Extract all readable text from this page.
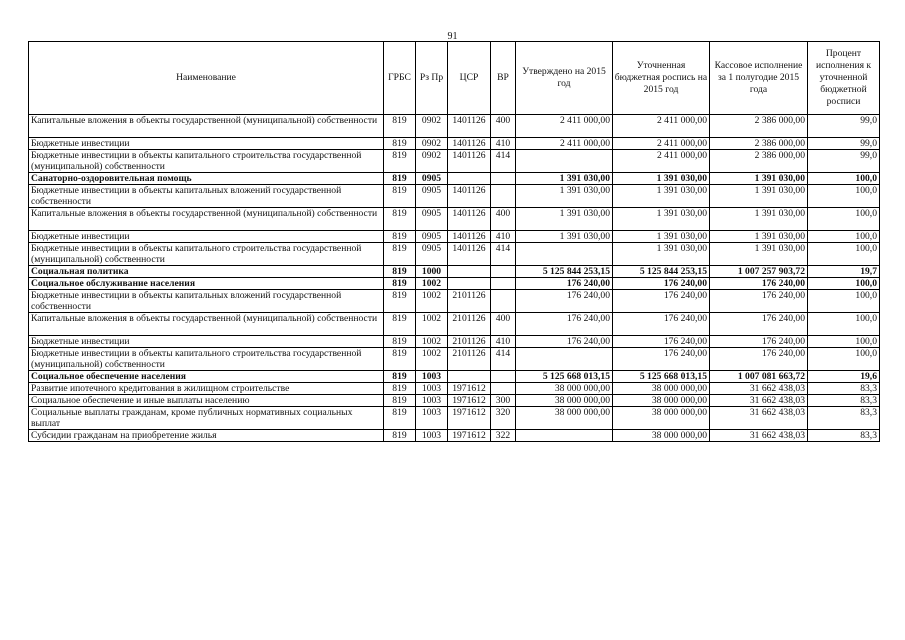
91
Наименование	ГРБС	Рз Пр	ЦСР	ВР	Утверждено на 2015 год	Уточненная бюджетная роспись на 2015 год	Кассовое исполнение за 1 полугодие 2015 года	Процент исполнения к уточненной бюджетной росписи
Капитальные вложения в объекты государственной (муниципальной) собственности	819	0902	1401126	400	2 411 000,00	2 411 000,00	2 386 000,00	99,0
Бюджетные инвестиции	819	0902	1401126	410	2 411 000,00	2 411 000,00	2 386 000,00	99,0
Бюджетные инвестиции в объекты капитального строительства государственной (муниципальной) собственности	819	0902	1401126	414		2 411 000,00	2 386 000,00	99,0
Санаторно-оздоровительная помощь	819	0905			1 391 030,00	1 391 030,00	1 391 030,00	100,0
Бюджетные инвестиции в объекты капитальных вложений государственной собственности	819	0905	1401126		1 391 030,00	1 391 030,00	1 391 030,00	100,0
Капитальные вложения в объекты государственной (муниципальной) собственности	819	0905	1401126	400	1 391 030,00	1 391 030,00	1 391 030,00	100,0
Бюджетные инвестиции	819	0905	1401126	410	1 391 030,00	1 391 030,00	1 391 030,00	100,0
Бюджетные инвестиции в объекты капитального строительства государственной (муниципальной) собственности	819	0905	1401126	414		1 391 030,00	1 391 030,00	100,0
Социальная политика	819	1000			5 125 844 253,15	5 125 844 253,15	1 007 257 903,72	19,7
Социальное обслуживание населения	819	1002			176 240,00	176 240,00	176 240,00	100,0
Бюджетные инвестиции в объекты капитальных вложений государственной собственности	819	1002	2101126		176 240,00	176 240,00	176 240,00	100,0
Капитальные вложения в объекты государственной (муниципальной) собственности	819	1002	2101126	400	176 240,00	176 240,00	176 240,00	100,0
Бюджетные инвестиции	819	1002	2101126	410	176 240,00	176 240,00	176 240,00	100,0
Бюджетные инвестиции в объекты капитального строительства государственной (муниципальной) собственности	819	1002	2101126	414		176 240,00	176 240,00	100,0
Социальное обеспечение населения	819	1003			5 125 668 013,15	5 125 668 013,15	1 007 081 663,72	19,6
Развитие ипотечного кредитования в жилищном строительстве	819	1003	1971612		38 000 000,00	38 000 000,00	31 662 438,03	83,3
Социальное обеспечение и иные выплаты населению	819	1003	1971612	300	38 000 000,00	38 000 000,00	31 662 438,03	83,3
Социальные выплаты гражданам, кроме публичных нормативных социальных выплат	819	1003	1971612	320	38 000 000,00	38 000 000,00	31 662 438,03	83,3
Субсидии гражданам на приобретение жилья	819	1003	1971612	322		38 000 000,00	31 662 438,03	83,3
